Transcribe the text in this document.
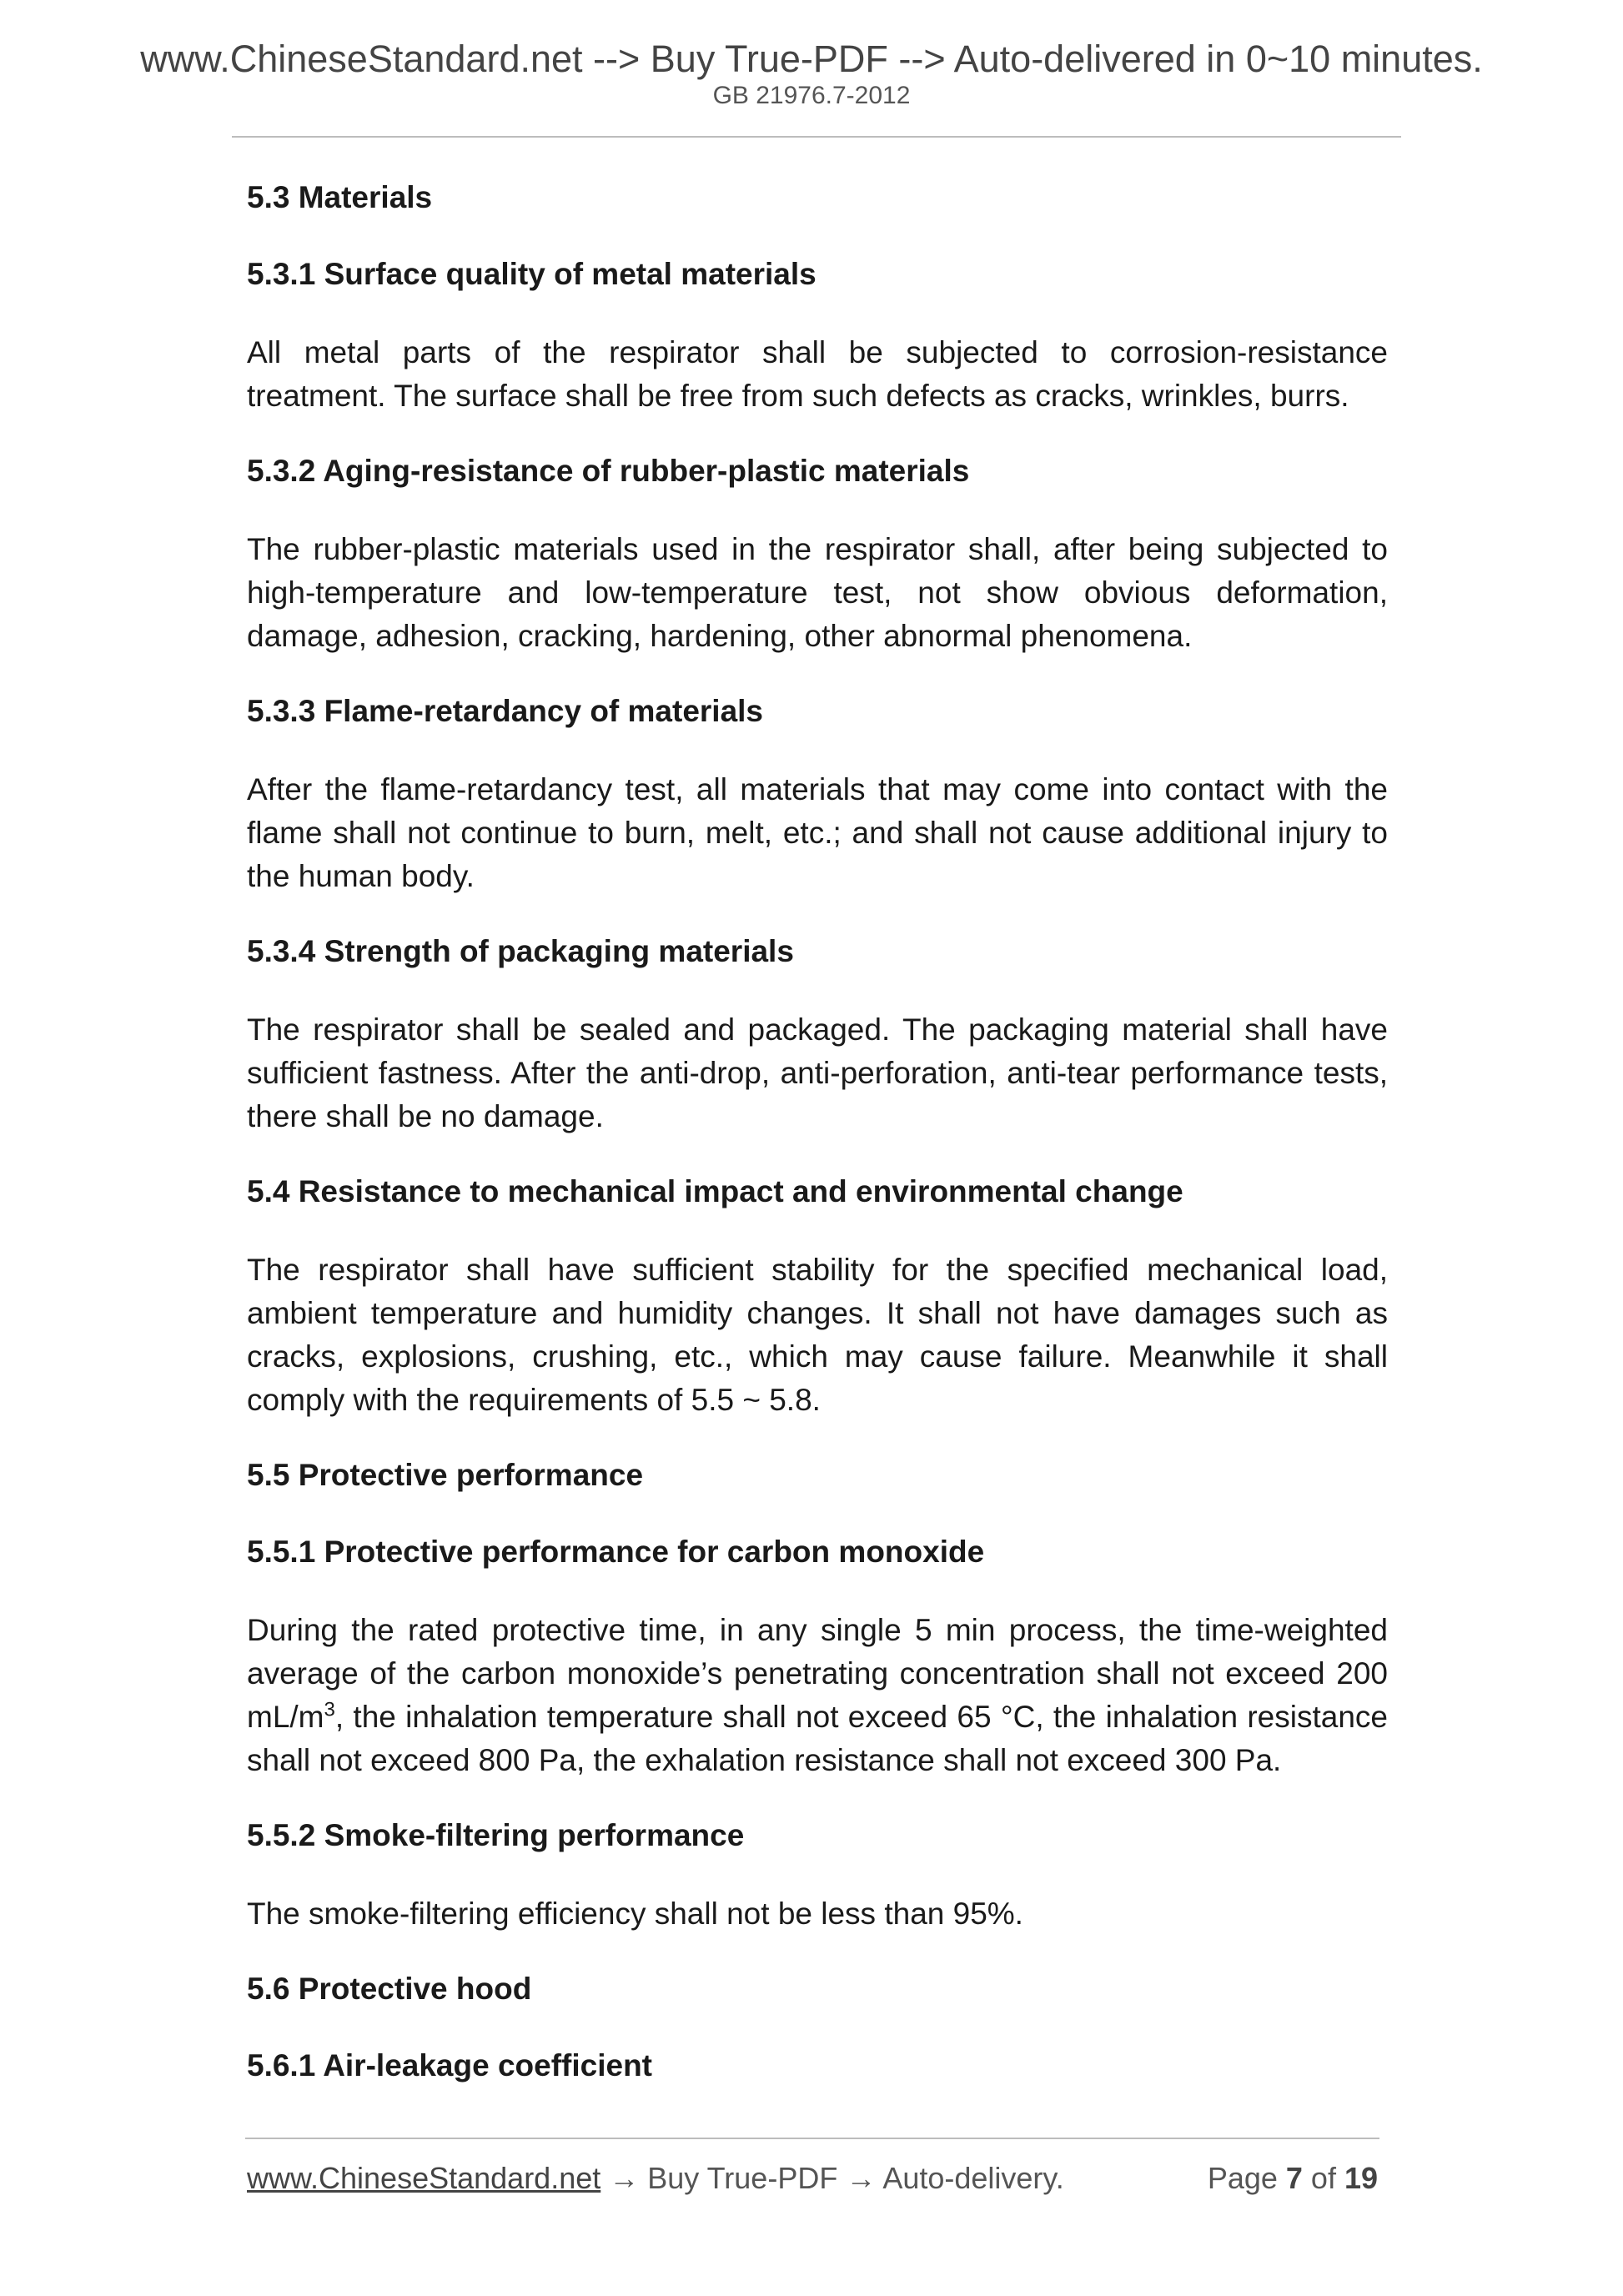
www.ChineseStandard.net --> Buy True-PDF --> Auto-delivered in 0~10 minutes.
GB 21976.7-2012
5.3 Materials
5.3.1 Surface quality of metal materials
All metal parts of the respirator shall be subjected to corrosion-resistance treatment. The surface shall be free from such defects as cracks, wrinkles, burrs.
5.3.2 Aging-resistance of rubber-plastic materials
The rubber-plastic materials used in the respirator shall, after being subjected to high-temperature and low-temperature test, not show obvious deformation, damage, adhesion, cracking, hardening, other abnormal phenomena.
5.3.3 Flame-retardancy of materials
After the flame-retardancy test, all materials that may come into contact with the flame shall not continue to burn, melt, etc.; and shall not cause additional injury to the human body.
5.3.4 Strength of packaging materials
The respirator shall be sealed and packaged. The packaging material shall have sufficient fastness. After the anti-drop, anti-perforation, anti-tear performance tests, there shall be no damage.
5.4 Resistance to mechanical impact and environmental change
The respirator shall have sufficient stability for the specified mechanical load, ambient temperature and humidity changes. It shall not have damages such as cracks, explosions, crushing, etc., which may cause failure. Meanwhile it shall comply with the requirements of 5.5 ~ 5.8.
5.5 Protective performance
5.5.1 Protective performance for carbon monoxide
During the rated protective time, in any single 5 min process, the time-weighted average of the carbon monoxide’s penetrating concentration shall not exceed 200 $mL/m^3$, the inhalation temperature shall not exceed 65 °C, the inhalation resistance shall not exceed 800 Pa, the exhalation resistance shall not exceed 300 Pa.
5.5.2 Smoke-filtering performance
The smoke-filtering efficiency shall not be less than 95%.
5.6 Protective hood
5.6.1 Air-leakage coefficient
www.ChineseStandard.net → Buy True-PDF → Auto-delivery.	Page 7 of 19
